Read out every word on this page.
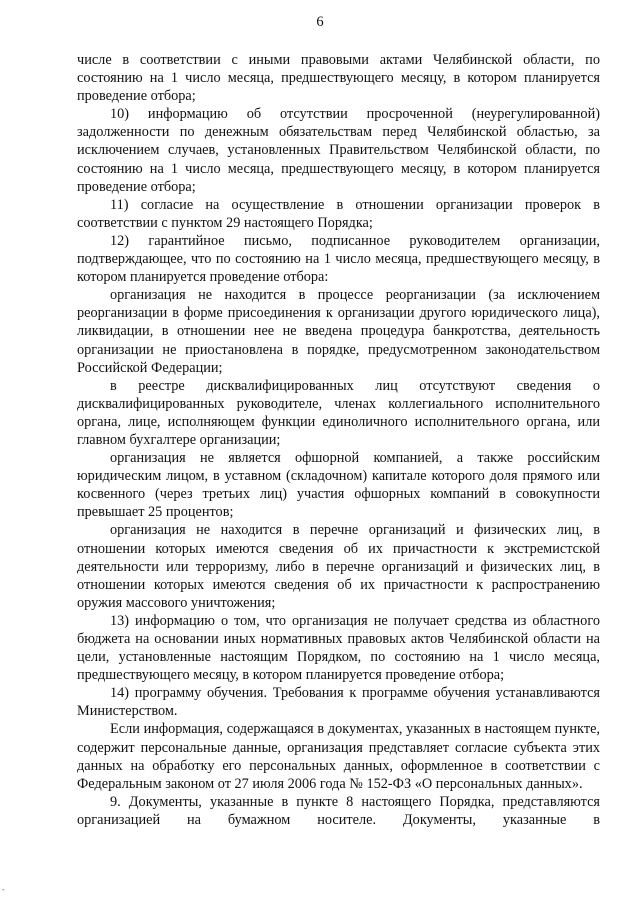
6

числе в соответствии с иными правовыми актами Челябинской области, по состоянию на 1 число месяца, предшествующего месяцу, в котором планируется проведение отбора;

10) информацию об отсутствии просроченной (неурегулированной) задолженности по денежным обязательствам перед Челябинской областью, за исключением случаев, установленных Правительством Челябинской области, по состоянию на 1 число месяца, предшествующего месяцу, в котором планируется проведение отбора;

11) согласие на осуществление в отношении организации проверок в соответствии с пунктом 29 настоящего Порядка;

12) гарантийное письмо, подписанное руководителем организации, подтверждающее, что по состоянию на 1 число месяца, предшествующего месяцу, в котором планируется проведение отбора:

организация не находится в процессе реорганизации (за исключением реорганизации в форме присоединения к организации другого юридического лица), ликвидации, в отношении нее не введена процедура банкротства, деятельность организации не приостановлена в порядке, предусмотренном законодательством Российской Федерации;

в реестре дисквалифицированных лиц отсутствуют сведения о дисквалифицированных руководителе, членах коллегиального исполнительного органа, лице, исполняющем функции единоличного исполнительного органа, или главном бухгалтере организации;

организация не является офшорной компанией, а также российским юридическим лицом, в уставном (складочном) капитале которого доля прямого или косвенного (через третьих лиц) участия офшорных компаний в совокупности превышает 25 процентов;

организация не находится в перечне организаций и физических лиц, в отношении которых имеются сведения об их причастности к экстремистской деятельности или терроризму, либо в перечне организаций и физических лиц, в отношении которых имеются сведения об их причастности к распространению оружия массового уничтожения;

13) информацию о том, что организация не получает средства из областного бюджета на основании иных нормативных правовых актов Челябинской области на цели, установленные настоящим Порядком, по состоянию на 1 число месяца, предшествующего месяцу, в котором планируется проведение отбора;

14) программу обучения. Требования к программе обучения устанавливаются Министерством.

Если информация, содержащаяся в документах, указанных в настоящем пункте, содержит персональные данные, организация представляет согласие субъекта этих данных на обработку его персональных данных, оформленное в соответствии с Федеральным законом от 27 июля 2006 года № 152-ФЗ «О персональных данных».

9. Документы, указанные в пункте 8 настоящего Порядка, представляются организацией на бумажном носителе. Документы, указанные в

-
